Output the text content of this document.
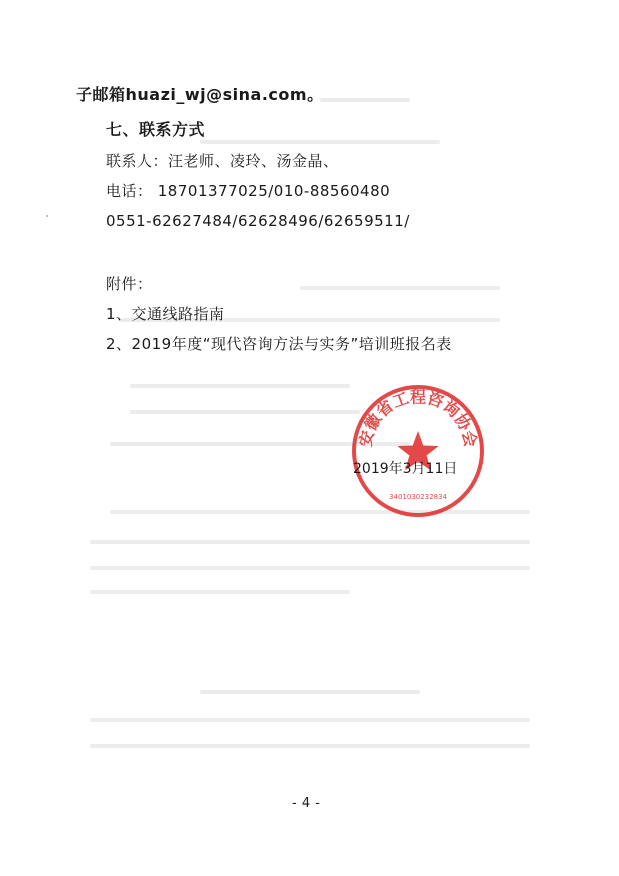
子邮箱huazi_wj@sina.com。
七、联系方式
联系人：汪老师、凌玲、汤金晶、
电话： 18701377025/010-88560480
0551-62627484/62628496/62659511/
附件：
1、交通线路指南
2、2019年度“现代咨询方法与实务”培训班报名表
安徽省工程咨询协会
3401030232834
2019年3月11日
- 4 -
